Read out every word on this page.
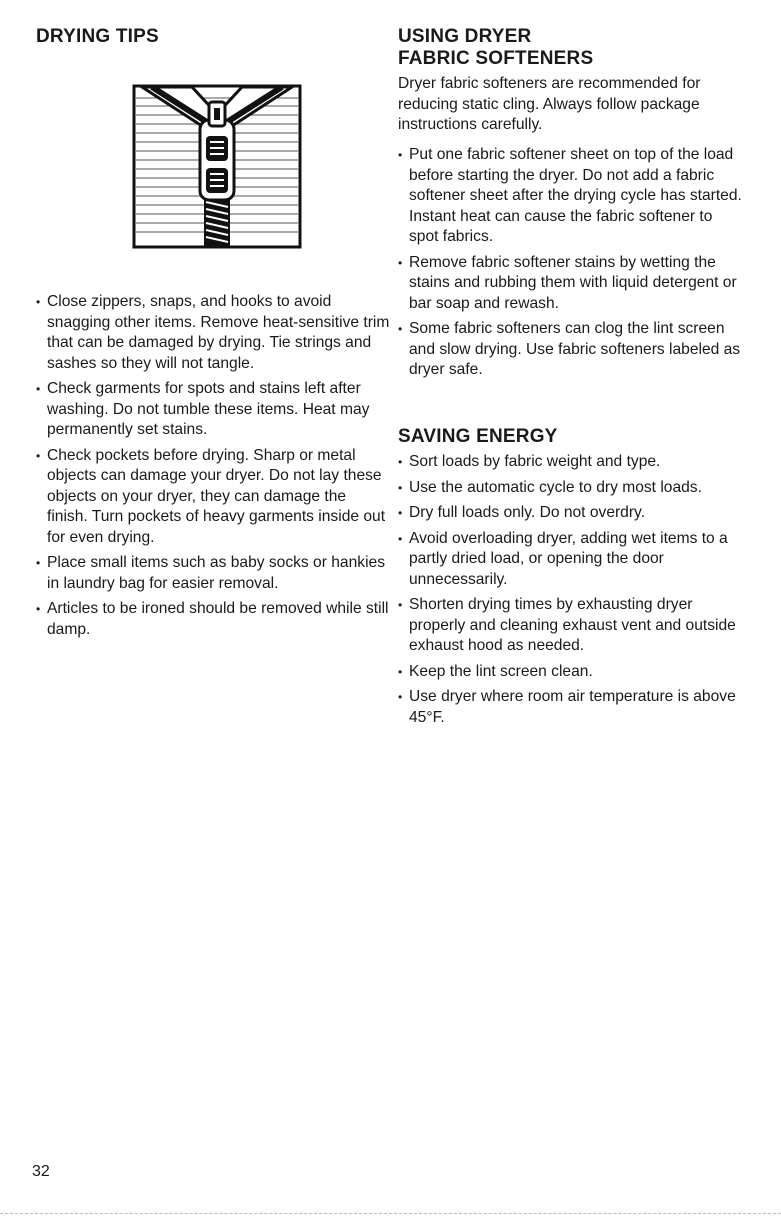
DRYING TIPS
• Close zippers, snaps, and hooks to avoid snagging other items. Remove heat-sensitive trim that can be damaged by drying. Tie strings and sashes so they will not tangle.
• Check garments for spots and stains left after washing. Do not tumble these items. Heat may permanently set stains.
• Check pockets before drying. Sharp or metal objects can damage your dryer. Do not lay these objects on your dryer, they can damage the finish. Turn pockets of heavy garments inside out for even drying.
• Place small items such as baby socks or hankies in laundry bag for easier removal.
• Articles to be ironed should be removed while still damp.
USING DRYER
FABRIC SOFTENERS

Dryer fabric softeners are recommended for reducing static cling. Always follow package instructions carefully.

• Put one fabric softener sheet on top of the load before starting the dryer. Do not add a fabric softener sheet after the drying cycle has started. Instant heat can cause the fabric softener to spot fabrics.
• Remove fabric softener stains by wetting the stains and rubbing them with liquid detergent or bar soap and rewash.
• Some fabric softeners can clog the lint screen and slow drying. Use fabric softeners labeled as dryer safe.
SAVING ENERGY
• Sort loads by fabric weight and type.
• Use the automatic cycle to dry most loads.
• Dry full loads only. Do not overdry.
• Avoid overloading dryer, adding wet items to a partly dried load, or opening the door unnecessarily.
• Shorten drying times by exhausting dryer properly and cleaning exhaust vent and outside exhaust hood as needed.
• Keep the lint screen clean.
• Use dryer where room air temperature is above 45°F.
32
